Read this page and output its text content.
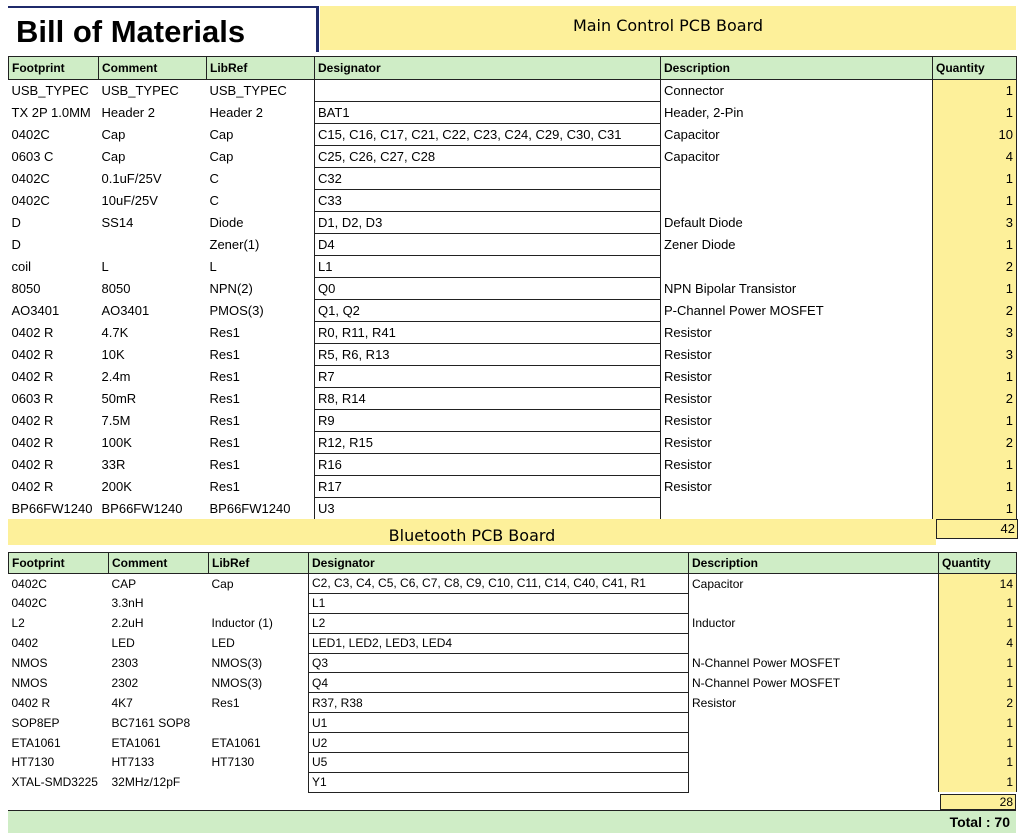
Bill of Materials	Main Control PCB Board
Footprint	Comment	LibRef	Designator	Description	Quantity
USB_TYPEC	USB_TYPEC	USB_TYPEC		Connector	1
TX 2P 1.0MM	Header 2	Header 2	BAT1	Header, 2-Pin	1
0402C	Cap	Cap	C15, C16, C17, C21, C22, C23, C24, C29, C30, C31	Capacitor	10
0603 C	Cap	Cap	C25, C26, C27, C28	Capacitor	4
0402C	0.1uF/25V	C	C32		1
0402C	10uF/25V	C	C33		1
D	SS14	Diode	D1, D2, D3	Default Diode	3
D		Zener(1)	D4	Zener Diode	1
coil	L	L	L1		2
8050	8050	NPN(2)	Q0	NPN Bipolar Transistor	1
AO3401	AO3401	PMOS(3)	Q1, Q2	P-Channel Power MOSFET	2
0402 R	4.7K	Res1	R0, R11, R41	Resistor	3
0402 R	10K	Res1	R5, R6, R13	Resistor	3
0402 R	2.4m	Res1	R7	Resistor	1
0603 R	50mR	Res1	R8, R14	Resistor	2
0402 R	7.5M	Res1	R9	Resistor	1
0402 R	100K	Res1	R12, R15	Resistor	2
0402 R	33R	Res1	R16	Resistor	1
0402 R	200K	Res1	R17	Resistor	1
BP66FW1240	BP66FW1240	BP66FW1240	U3		1
Bluetooth PCB Board	42
Footprint	Comment	LibRef	Designator	Description	Quantity
0402C	CAP	Cap	C2, C3, C4, C5, C6, C7, C8, C9, C10, C11, C14, C40, C41, R1	Capacitor	14
0402C	3.3nH		L1		1
L2	2.2uH	Inductor (1)	L2	Inductor	1
0402	LED	LED	LED1, LED2, LED3, LED4		4
NMOS	2303	NMOS(3)	Q3	N-Channel Power MOSFET	1
NMOS	2302	NMOS(3)	Q4	N-Channel Power MOSFET	1
0402 R	4K7	Res1	R37, R38	Resistor	2
SOP8EP	BC7161 SOP8		U1		1
ETA1061	ETA1061	ETA1061	U2		1
HT7130	HT7133	HT7130	U5		1
XTAL-SMD3225	32MHz/12pF		Y1		1
28
Total : 70
